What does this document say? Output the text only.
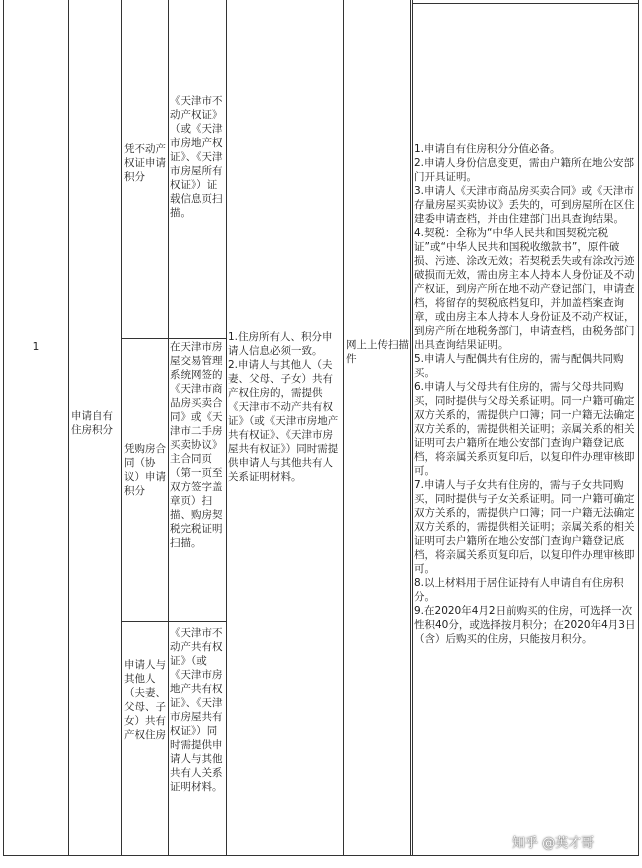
1
申请自有住房积分
凭不动产权证申请积分
《天津市不动产权证》（或《天津市房地产权证》、《天津市房屋所有权证》）证载信息页扫描。
凭购房合同（协议）申请积分
在天津市房屋交易管理系统网签的《天津市商品房买卖合同》或《天津市二手房买卖协议》主合同页（第一页至双方签字盖章页）扫描、购房契税完税证明扫描。
申请人与其他人（夫妻、父母、子女）共有产权住房
《天津市不动产共有权证》（或《天津市房地产共有权证》、《天津市房屋共有权证》）同时需提供申请人与其他共有人关系证明材料。
1.住房所有人、积分申请人信息必须一致。
2.申请人与其他人（夫妻、父母、子女）共有产权住房的，需提供《天津市不动产共有权证》（或《天津市房地产共有权证》、《天津市房屋共有权证》）同时需提供申请人与其他共有人关系证明材料。
网上上传扫描件

1.申请自有住房积分分值必备。

2.申请人身份信息变更，需由户籍所在地公安部门开具证明。

3.申请人《天津市商品房买卖合同》或《天津市存量房屋买卖协议》丢失的，可到房屋所在区住建委申请查档，并由住建部门出具查询结果。

4.契税：全称为“中华人民共和国契税完税证”或“中华人民共和国税收缴款书”，原件破损、污迹、涂改无效；若契税丢失或有涂改污迹破损而无效，需由房主本人持本人身份证及不动产权证，到房产所在地不动产登记部门，申请查档，将留存的契税底档复印，并加盖档案查询章，或由房主本人持本人身份证及不动产权证，到房产所在地税务部门，申请查档，由税务部门出具查询结果证明。

5.申请人与配偶共有住房的，需与配偶共同购买。

6.申请人与父母共有住房的，需与父母共同购买，同时提供与父母关系证明。同一户籍可确定双方关系的，需提供户口簿；同一户籍无法确定双方关系的，需提供相关证明；亲属关系的相关证明可去户籍所在地公安部门查询户籍登记底档，将亲属关系页复印后，以复印件办理审核即可。

7.申请人与子女共有住房的，需与子女共同购买，同时提供与子女关系证明。同一户籍可确定双方关系的，需提供户口簿；同一户籍无法确定双方关系的，需提供相关证明；亲属关系的相关证明可去户籍所在地公安部门查询户籍登记底档，将亲属关系页复印后，以复印件办理审核即可。

8.以上材料用于居住证持有人申请自有住房积分。

9.在2020年4月2日前购买的住房，可选择一次性积40分，或选择按月积分；在2020年4月3日（含）后购买的住房，只能按月积分。

知乎 @英才哥
